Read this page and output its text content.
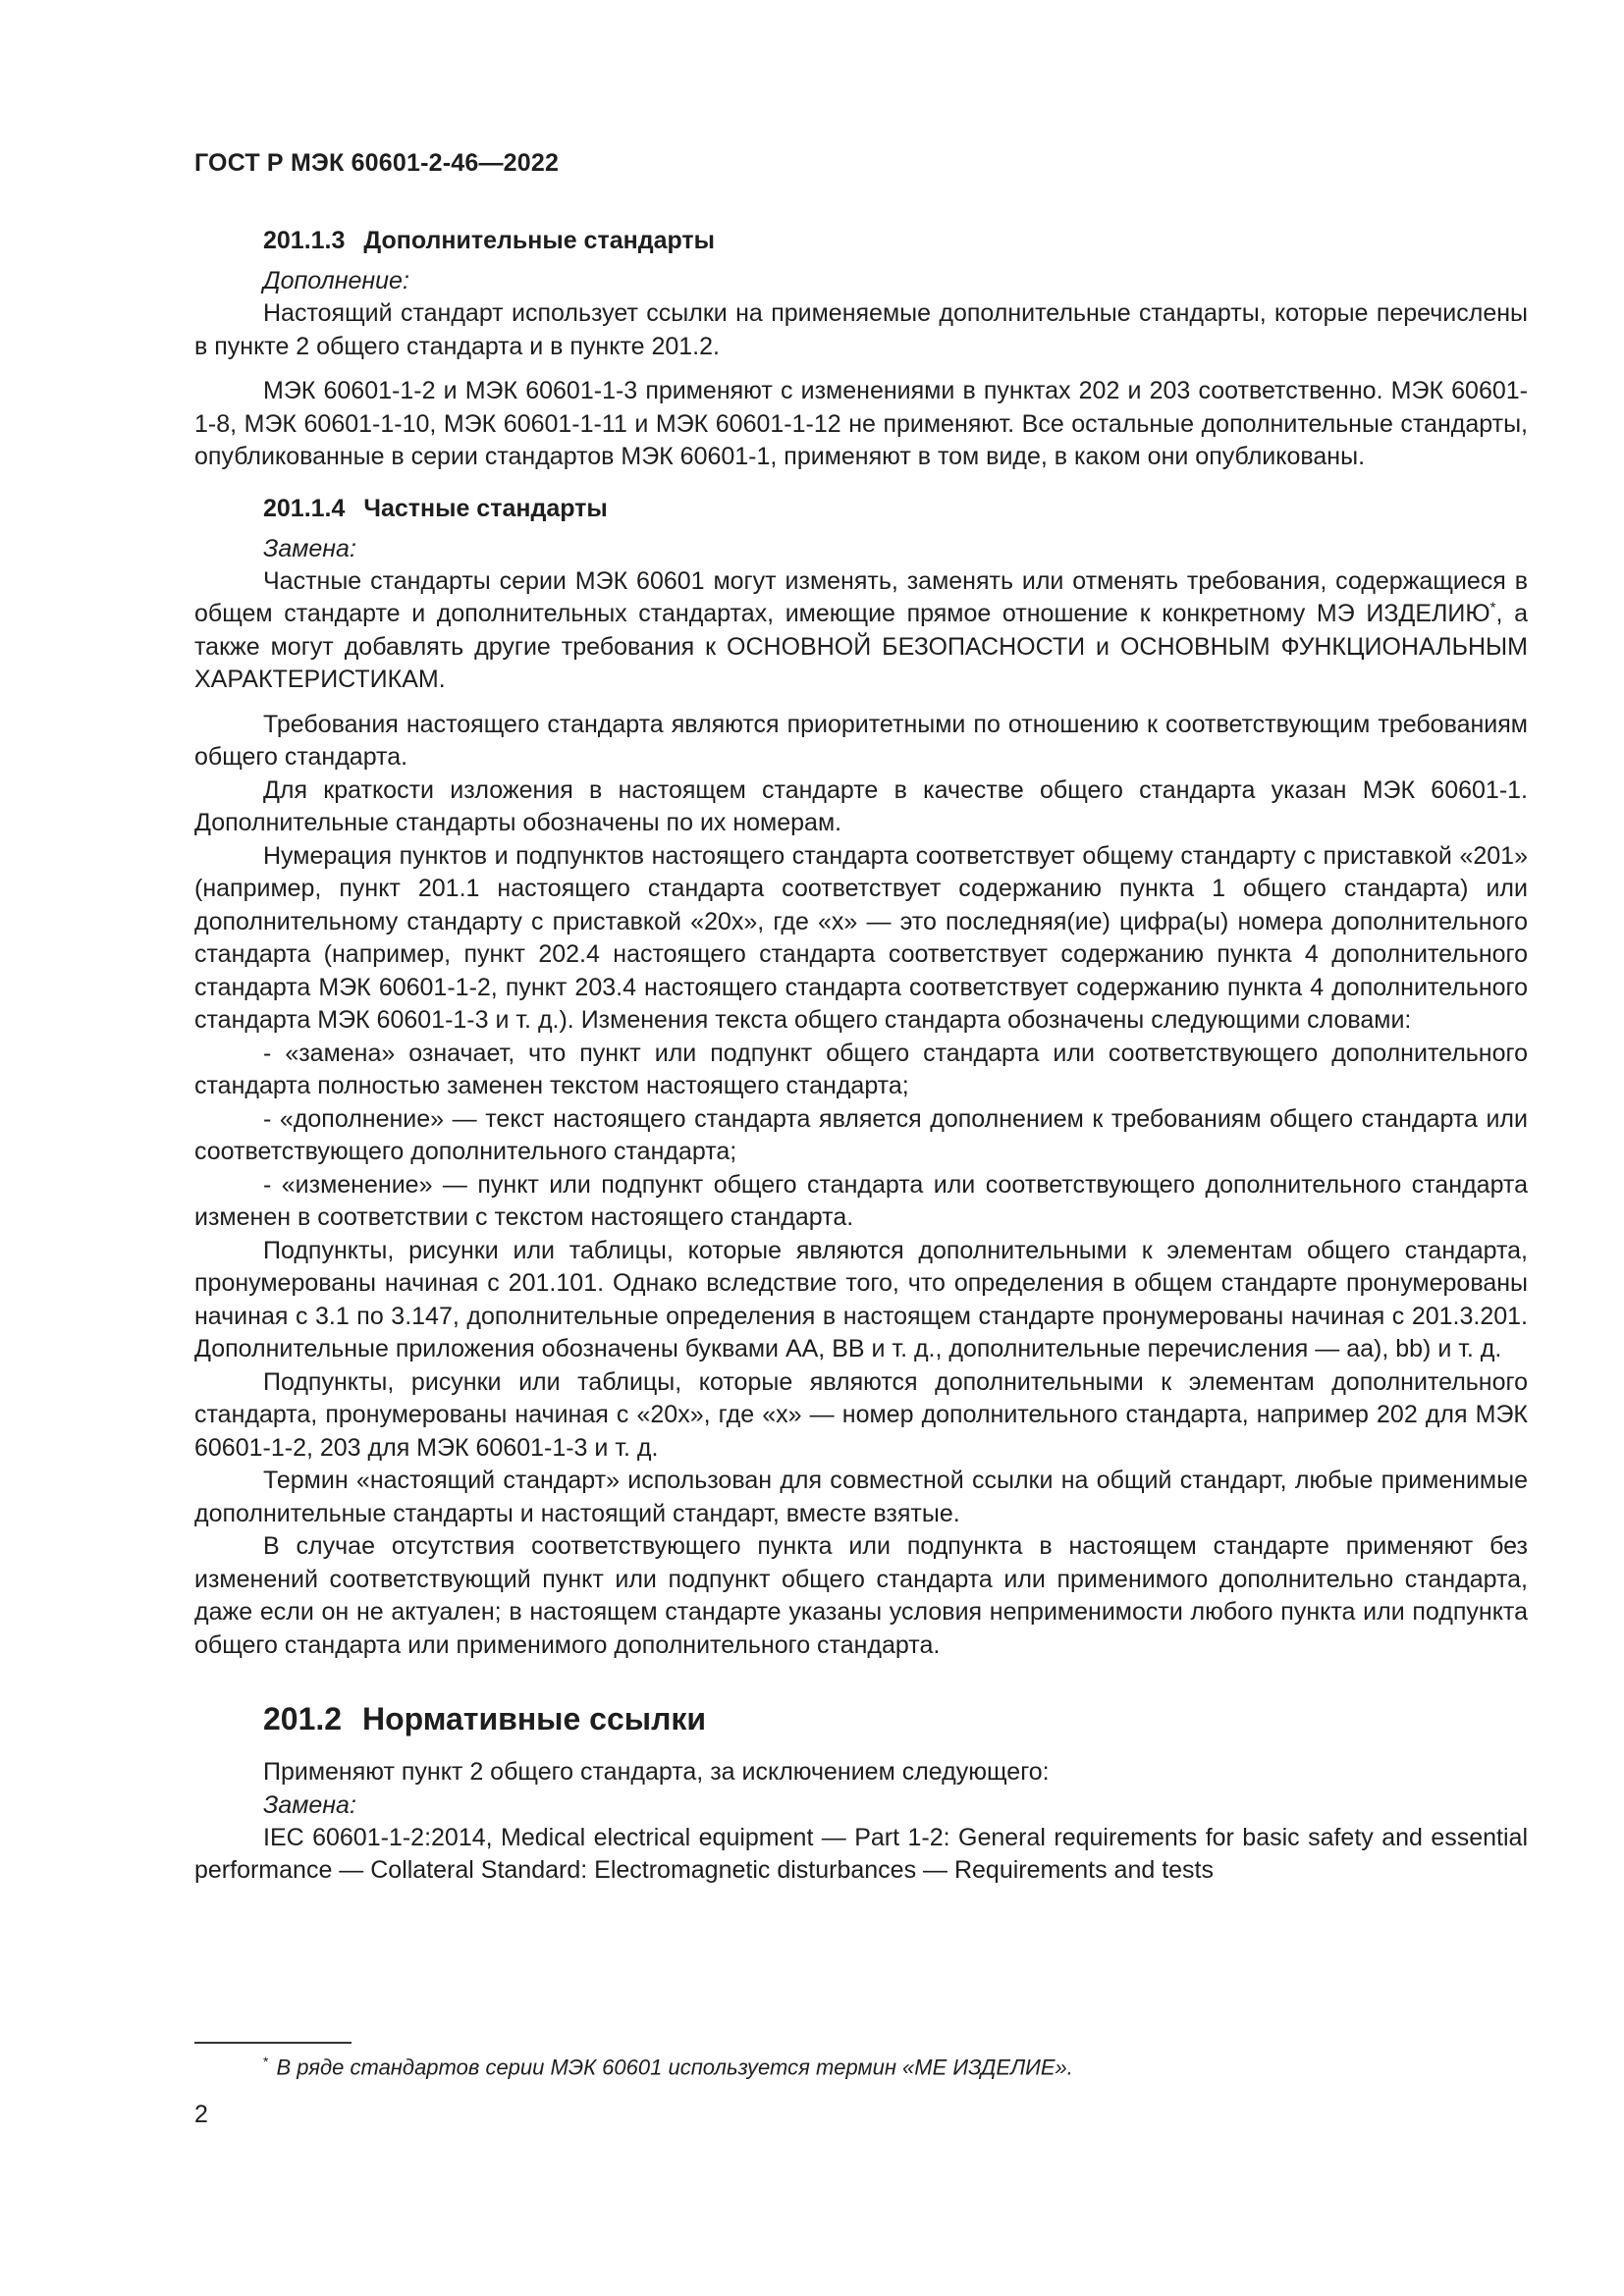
ГОСТ Р МЭК 60601-2-46—2022
201.1.3 Дополнительные стандарты

Дополнение:

Настоящий стандарт использует ссылки на применяемые дополнительные стандарты, которые перечислены в пункте 2 общего стандарта и в пункте 201.2.

МЭК 60601-1-2 и МЭК 60601-1-3 применяют с изменениями в пунктах 202 и 203 соответственно. МЭК 60601-1-8, МЭК 60601-1-10, МЭК 60601-1-11 и МЭК 60601-1-12 не применяют. Все остальные дополнительные стандарты, опубликованные в серии стандартов МЭК 60601-1, применяют в том виде, в каком они опубликованы.

201.1.4 Частные стандарты

Замена:

Частные стандарты серии МЭК 60601 могут изменять, заменять или отменять требования, содержащиеся в общем стандарте и дополнительных стандартах, имеющие прямое отношение к конкретному МЭ ИЗДЕЛИЮ*, а также могут добавлять другие требования к ОСНОВНОЙ БЕЗОПАСНОСТИ и ОСНОВНЫМ ФУНКЦИОНАЛЬНЫМ ХАРАКТЕРИСТИКАМ.

Требования настоящего стандарта являются приоритетными по отношению к соответствующим требованиям общего стандарта.

Для краткости изложения в настоящем стандарте в качестве общего стандарта указан МЭК 60601-1. Дополнительные стандарты обозначены по их номерам.

Нумерация пунктов и подпунктов настоящего стандарта соответствует общему стандарту с приставкой «201» (например, пункт 201.1 настоящего стандарта соответствует содержанию пункта 1 общего стандарта) или дополнительному стандарту с приставкой «20х», где «х» — это последняя(ие) цифра(ы) номера дополнительного стандарта (например, пункт 202.4 настоящего стандарта соответствует содержанию пункта 4 дополнительного стандарта МЭК 60601-1-2, пункт 203.4 настоящего стандарта соответствует содержанию пункта 4 дополнительного стандарта МЭК 60601-1-3 и т. д.). Изменения текста общего стандарта обозначены следующими словами:

- «замена» означает, что пункт или подпункт общего стандарта или соответствующего дополнительного стандарта полностью заменен текстом настоящего стандарта;

- «дополнение» — текст настоящего стандарта является дополнением к требованиям общего стандарта или соответствующего дополнительного стандарта;

- «изменение» — пункт или подпункт общего стандарта или соответствующего дополнительного стандарта изменен в соответствии с текстом настоящего стандарта.

Подпункты, рисунки или таблицы, которые являются дополнительными к элементам общего стандарта, пронумерованы начиная с 201.101. Однако вследствие того, что определения в общем стандарте пронумерованы начиная с 3.1 по 3.147, дополнительные определения в настоящем стандарте пронумерованы начиная с 201.3.201. Дополнительные приложения обозначены буквами АА, ВВ и т. д., дополнительные перечисления — аа), bb) и т. д.

Подпункты, рисунки или таблицы, которые являются дополнительными к элементам дополнительного стандарта, пронумерованы начиная с «20х», где «х» — номер дополнительного стандарта, например 202 для МЭК 60601-1-2, 203 для МЭК 60601-1-3 и т. д.

Термин «настоящий стандарт» использован для совместной ссылки на общий стандарт, любые применимые дополнительные стандарты и настоящий стандарт, вместе взятые.

В случае отсутствия соответствующего пункта или подпункта в настоящем стандарте применяют без изменений соответствующий пункт или подпункт общего стандарта или применимого дополнительно стандарта, даже если он не актуален; в настоящем стандарте указаны условия неприменимости любого пункта или подпункта общего стандарта или применимого дополнительного стандарта.

201.2 Нормативные ссылки

Применяют пункт 2 общего стандарта, за исключением следующего:

Замена:

IEC 60601-1-2:2014, Medical electrical equipment — Part 1-2: General requirements for basic safety and essential performance — Collateral Standard: Electromagnetic disturbances — Requirements and tests

* В ряде стандартов серии МЭК 60601 используется термин «МЕ ИЗДЕЛИЕ».
2
